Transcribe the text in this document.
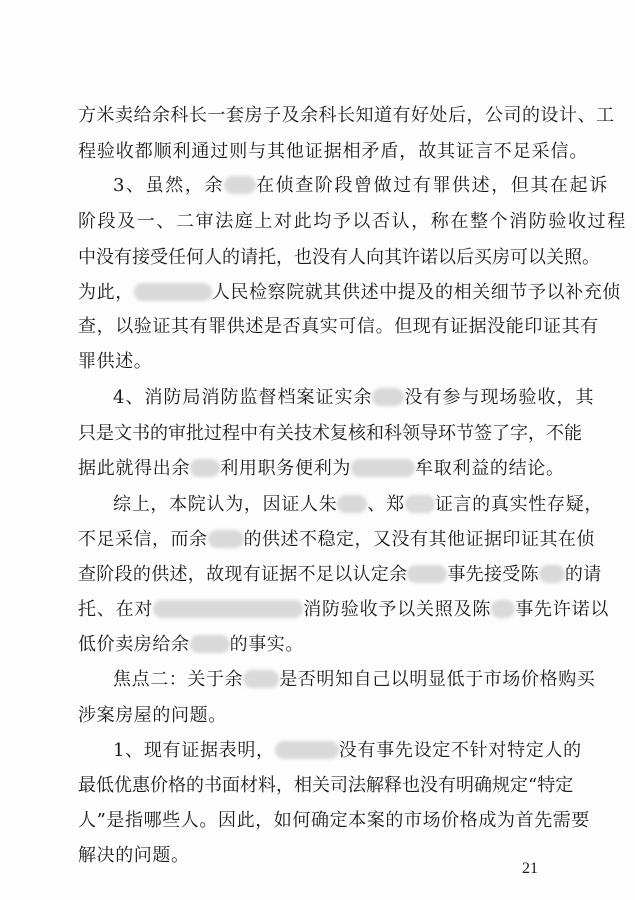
方米卖给余科长一套房子及余科长知道有好处后，公司的设计、工
程验收都顺利通过则与其他证据相矛盾，故其证言不足采信。
3、虽然，余 在侦查阶段曾做过有罪供述，但其在起诉
阶段及一、二审法庭上对此均予以否认，称在整个消防验收过程
中没有接受任何人的请托，也没有人向其许诺以后买房可以关照。
为此，	人民检察院就其供述中提及的相关细节予以补充侦
查，以验证其有罪供述是否真实可信。但现有证据没能印证其有
罪供述。
4、消防局消防监督档案证实余 没有参与现场验收，其
只是文书的审批过程中有关技术复核和科领导环节签了字，不能
据此就得出余 利用职务便利为	牟取利益的结论。
综上，本院认为，因证人朱 、郑 证言的真实性存疑，
不足采信，而余 的供述不稳定，又没有其他证据印证其在侦
查阶段的供述，故现有证据不足以认定余 事先接受陈 的请
托、在对	消防验收予以关照及陈 事先许诺以
低价卖房给余 的事实。
焦点二：关于余 是否明知自己以明显低于市场价格购买
涉案房屋的问题。
1、现有证据表明，	没有事先设定不针对特定人的
最低优惠价格的书面材料，相关司法解释也没有明确规定“特定
人”是指哪些人。因此，如何确定本案的市场价格成为首先需要
解决的问题。
21
